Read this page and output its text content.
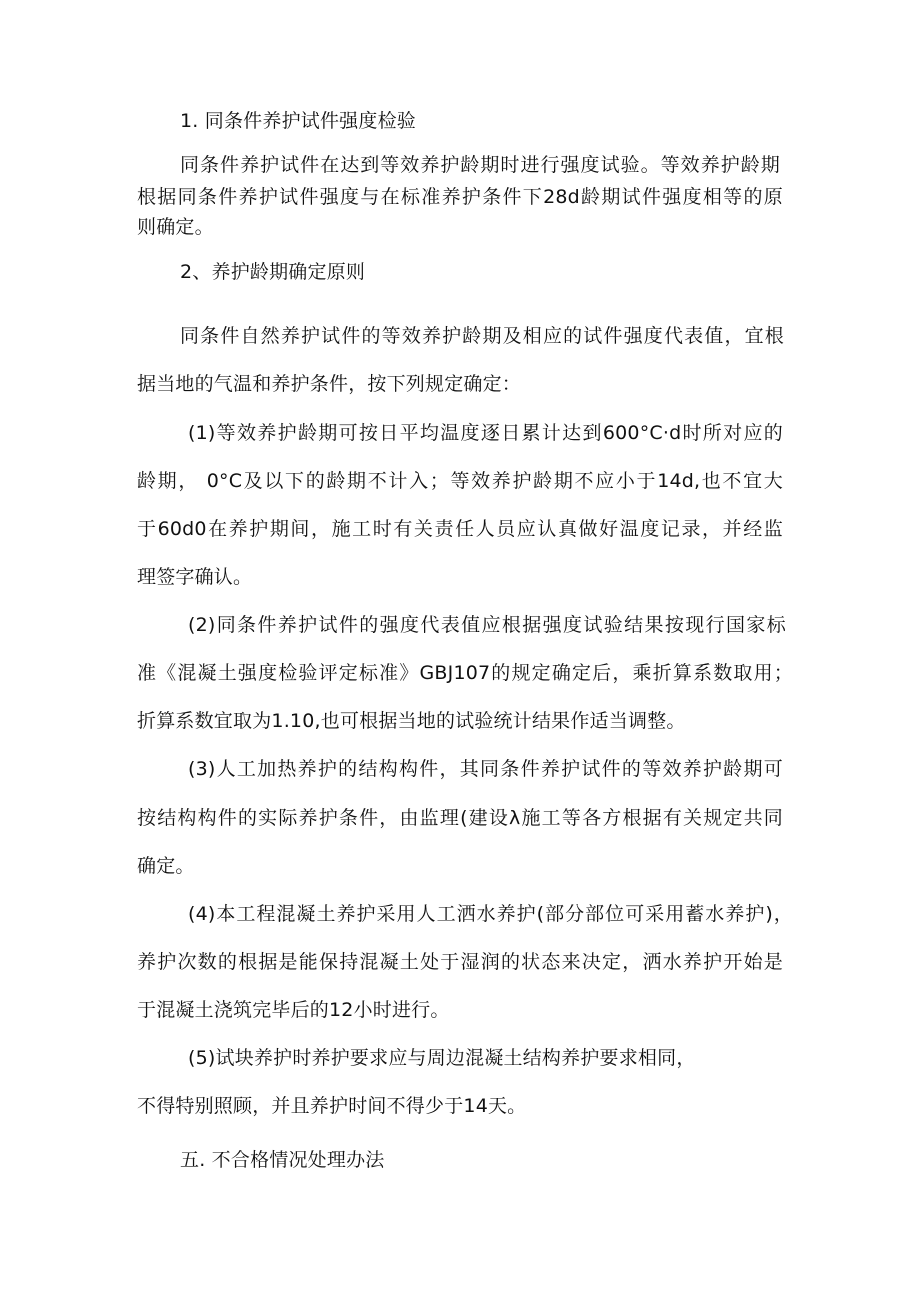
1. 同条件养护试件强度检验
同条件养护试件在达到等效养护龄期时进行强度试验。等效养护龄期
根据同条件养护试件强度与在标准养护条件下28d龄期试件强度相等的原
则确定。
2、养护龄期确定原则
同条件自然养护试件的等效养护龄期及相应的试件强度代表值，宜根
据当地的气温和养护条件，按下列规定确定：
(1)等效养护龄期可按日平均温度逐日累计达到600°C·d时所对应的
龄期， 0°C及以下的龄期不计入；等效养护龄期不应小于14d,也不宜大
于60d0在养护期间，施工时有关责任人员应认真做好温度记录，并经监
理签字确认。
(2)同条件养护试件的强度代表值应根据强度试验结果按现行国家标
准《混凝土强度检验评定标准》GBJ107的规定确定后，乘折算系数取用；
折算系数宜取为1.10,也可根据当地的试验统计结果作适当调整。
(3)人工加热养护的结构构件，其同条件养护试件的等效养护龄期可
按结构构件的实际养护条件，由监理(建设λ施工等各方根据有关规定共同
确定。
(4)本工程混凝土养护采用人工洒水养护(部分部位可采用蓄水养护)，
养护次数的根据是能保持混凝土处于湿润的状态来决定，洒水养护开始是
于混凝土浇筑完毕后的12小时进行。
(5)试块养护时养护要求应与周边混凝土结构养护要求相同，
不得特别照顾，并且养护时间不得少于14天。
五. 不合格情况处理办法
